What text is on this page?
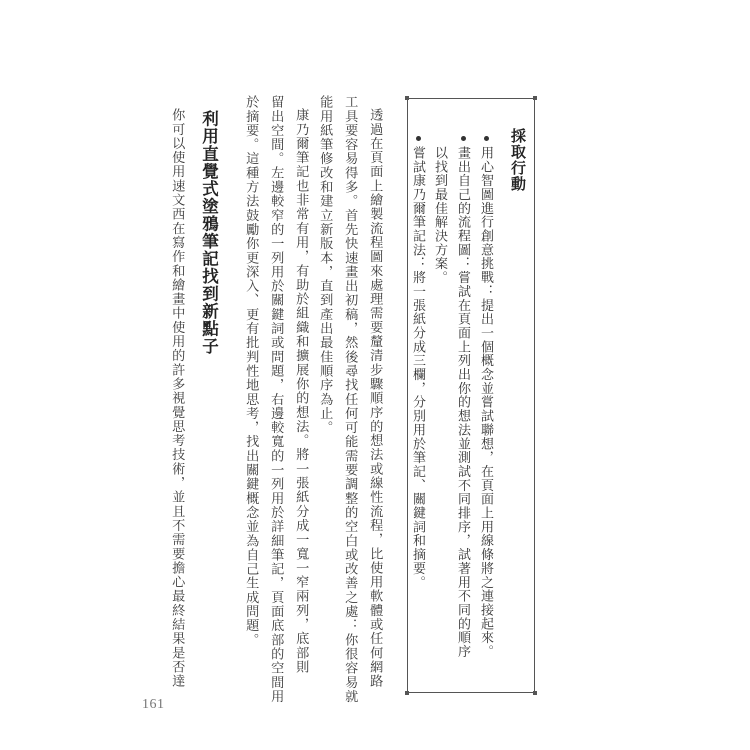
採取行動
用心智圖進行創意挑戰：提出一個概念並嘗試聯想，在頁面上用線條將之連接起來。
畫出自己的流程圖：嘗試在頁面上列出你的想法並測試不同排序，試著用不同的順序
以找到最佳解決方案。
嘗試康乃爾筆記法：將一張紙分成三欄，分別用於筆記、關鍵詞和摘要。
透過在頁面上繪製流程圖來處理需要釐清步驟順序的想法或線性流程，比使用軟體或任何網路
工具要容易得多。首先快速畫出初稿，然後尋找任何可能需要調整的空白或改善之處：你很容易就
能用紙筆修改和建立新版本，直到產出最佳順序為止。
康乃爾筆記也非常有用，有助於組織和擴展你的想法。將一張紙分成一寬一窄兩列，底部則
留出空間。左邊較窄的一列用於關鍵詞或問題，右邊較寬的一列用於詳細筆記，頁面底部的空間用
於摘要。這種方法鼓勵你更深入、更有批判性地思考，找出關鍵概念並為自己生成問題。
利用直覺式塗鴉筆記找到新點子
你可以使用速文西在寫作和繪畫中使用的許多視覺思考技術，並且不需要擔心最終結果是否達
161
